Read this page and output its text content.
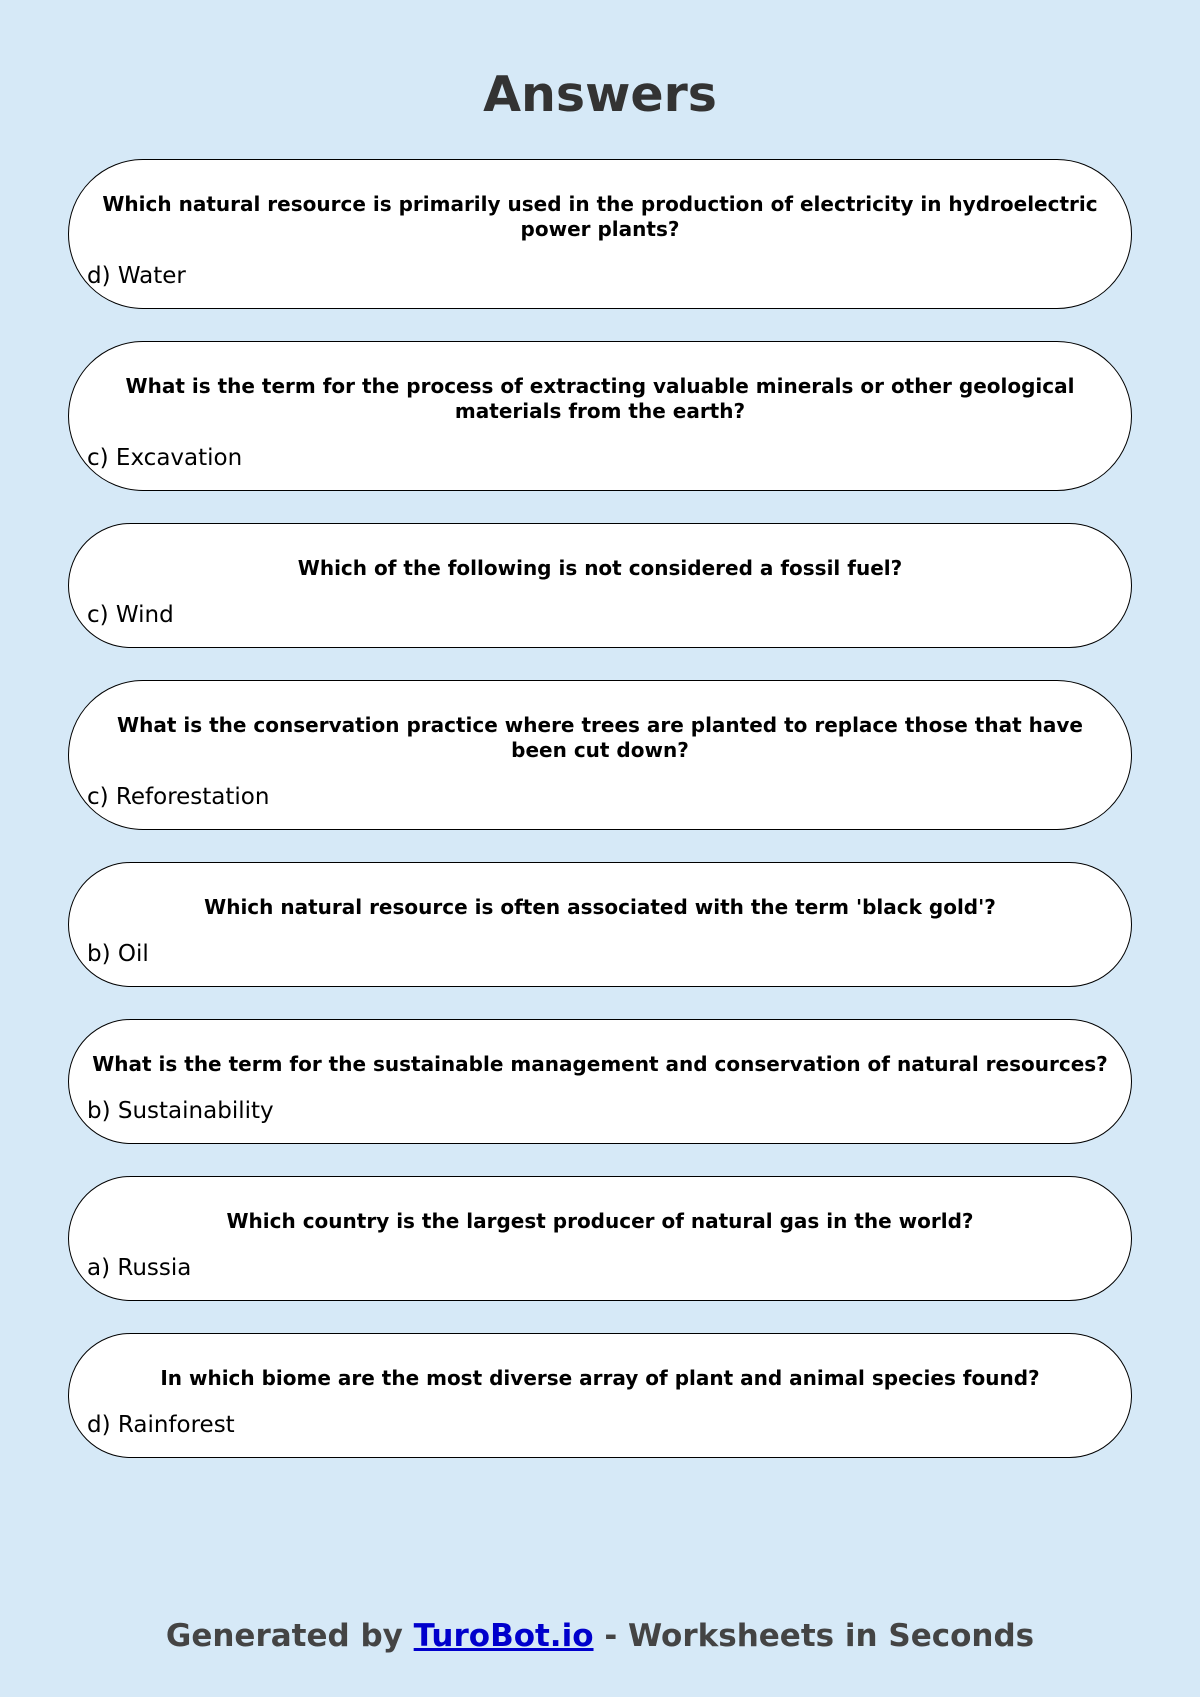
Answers

Which natural resource is primarily used in the production of electricity in hydroelectric power plants?

d) Water

What is the term for the process of extracting valuable minerals or other geological materials from the earth?

c) Excavation

Which of the following is not considered a fossil fuel?

c) Wind

What is the conservation practice where trees are planted to replace those that have been cut down?

c) Reforestation

Which natural resource is often associated with the term 'black gold'?

b) Oil

What is the term for the sustainable management and conservation of natural resources?

b) Sustainability

Which country is the largest producer of natural gas in the world?

a) Russia

In which biome are the most diverse array of plant and animal species found?

d) Rainforest

Generated by TuroBot.io - Worksheets in Seconds
